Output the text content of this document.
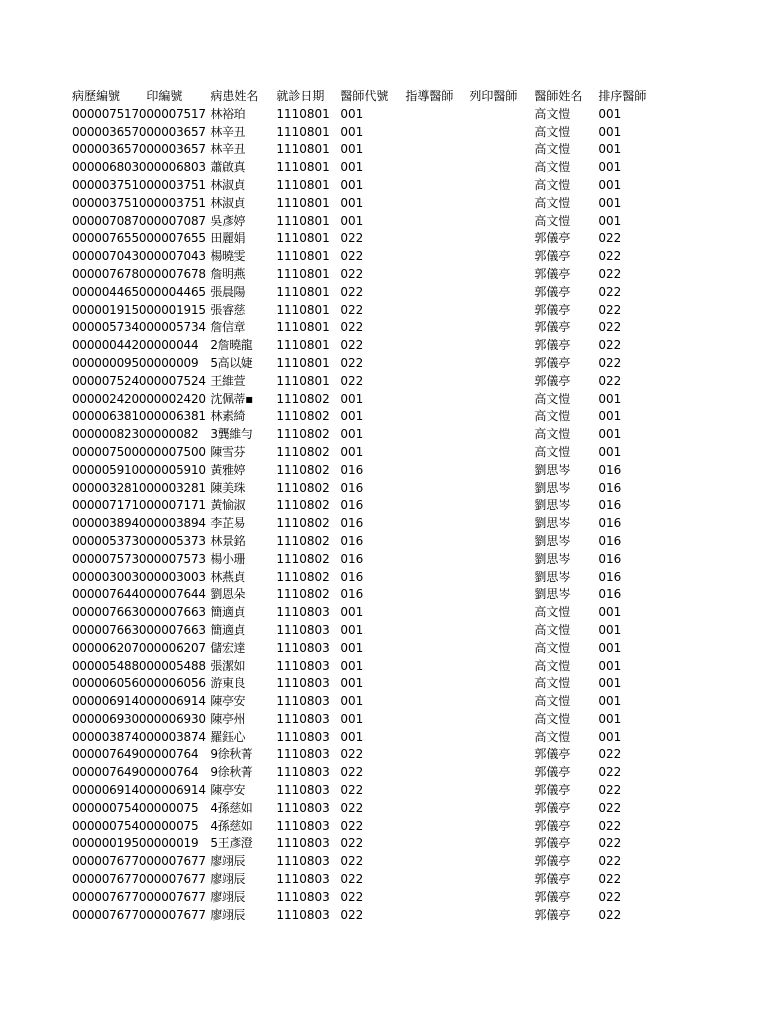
病歷編號	印編號	病患姓名	就診日期	醫師代號	指導醫師	列印醫師	醫師姓名	排序醫師
0000075170	00007517	林裕珀	1110801	001			高文愷	001
0000036570	00003657	林辛丑	1110801	001			高文愷	001
0000036570	00003657	林辛丑	1110801	001			高文愷	001
0000068030	00006803	蕭啟真	1110801	001			高文愷	001
0000037510	00003751	林淑貞	1110801	001			高文愷	001
0000037510	00003751	林淑貞	1110801	001			高文愷	001
0000070870	00007087	吳彥婷	1110801	001			高文愷	001
0000076550	00007655	田麗娟	1110801	022			郭儀亭	022
0000070430	00007043	楊曉雯	1110801	022			郭儀亭	022
0000076780	00007678	詹明燕	1110801	022			郭儀亭	022
0000044650	00004465	張晨陽	1110801	022			郭儀亭	022
0000019150	00001915	張睿慈	1110801	022			郭儀亭	022
0000057340	00005734	詹信章	1110801	022			郭儀亭	022
0000004420	0000044	2詹曉龍	1110801	022			郭儀亭	022
0000000950	0000009	5高以婕	1110801	022			郭儀亭	022
0000075240	00007524	王維萱	1110801	022			郭儀亭	022
0000024200	00002420	沈佩蒂▪	1110802	001			高文愷	001
0000063810	00006381	林素綺	1110802	001			高文愷	001
0000008230	0000082	3龔維勻	1110802	001			高文愷	001
0000075000	00007500	陳雪芬	1110802	001			高文愷	001
0000059100	00005910	黃雅婷	1110802	016			劉思岑	016
0000032810	00003281	陳美珠	1110802	016			劉思岑	016
0000071710	00007171	黃愉淑	1110802	016			劉思岑	016
0000038940	00003894	李芷易	1110802	016			劉思岑	016
0000053730	00005373	林景銘	1110802	016			劉思岑	016
0000075730	00007573	楊小珊	1110802	016			劉思岑	016
0000030030	00003003	林燕貞	1110802	016			劉思岑	016
0000076440	00007644	劉恩朵	1110802	016			劉思岑	016
0000076630	00007663	簡適貞	1110803	001			高文愷	001
0000076630	00007663	簡適貞	1110803	001			高文愷	001
0000062070	00006207	儲宏達	1110803	001			高文愷	001
0000054880	00005488	張潔如	1110803	001			高文愷	001
0000060560	00006056	游東良	1110803	001			高文愷	001
0000069140	00006914	陳亭安	1110803	001			高文愷	001
0000069300	00006930	陳亭州	1110803	001			高文愷	001
0000038740	00003874	羅鈺心	1110803	001			高文愷	001
0000076490	0000764	9徐秋菁	1110803	022			郭儀亭	022
0000076490	0000764	9徐秋菁	1110803	022			郭儀亭	022
0000069140	00006914	陳亭安	1110803	022			郭儀亭	022
0000007540	0000075	4孫慈如	1110803	022			郭儀亭	022
0000007540	0000075	4孫慈如	1110803	022			郭儀亭	022
0000001950	0000019	5王彥澄	1110803	022			郭儀亭	022
0000076770	00007677	廖翊辰	1110803	022			郭儀亭	022
0000076770	00007677	廖翊辰	1110803	022			郭儀亭	022
0000076770	00007677	廖翊辰	1110803	022			郭儀亭	022
0000076770	00007677	廖翊辰	1110803	022			郭儀亭	022
